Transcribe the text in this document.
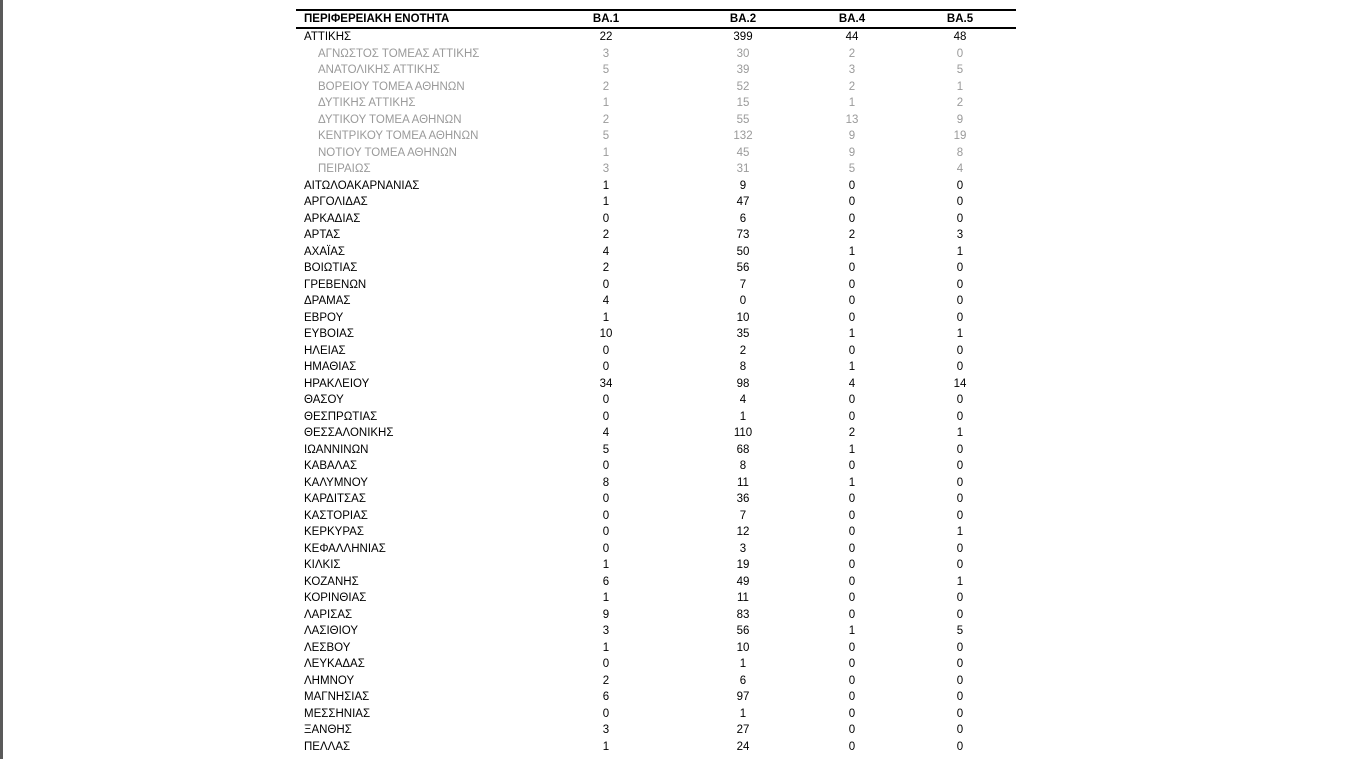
ΠΕΡΙΦΕΡΕΙΑΚΗ ΕΝΟΤΗΤΑ	BA.1	BA.2	BA.4	BA.5
ΑΤΤΙΚΗΣ	22	399	44	48
ΑΓΝΩΣΤΟΣ ΤΟΜΕΑΣ ΑΤΤΙΚΗΣ	3	30	2	0
ΑΝΑΤΟΛΙΚΗΣ ΑΤΤΙΚΗΣ	5	39	3	5
ΒΟΡΕΙΟΥ ΤΟΜΕΑ ΑΘΗΝΩΝ	2	52	2	1
ΔΥΤΙΚΗΣ ΑΤΤΙΚΗΣ	1	15	1	2
ΔΥΤΙΚΟΥ ΤΟΜΕΑ ΑΘΗΝΩΝ	2	55	13	9
ΚΕΝΤΡΙΚΟΥ ΤΟΜΕΑ ΑΘΗΝΩΝ	5	132	9	19
ΝΟΤΙΟΥ ΤΟΜΕΑ ΑΘΗΝΩΝ	1	45	9	8
ΠΕΙΡΑΙΩΣ	3	31	5	4
ΑΙΤΩΛΟΑΚΑΡΝΑΝΙΑΣ	1	9	0	0
ΑΡΓΟΛΙΔΑΣ	1	47	0	0
ΑΡΚΑΔΙΑΣ	0	6	0	0
ΑΡΤΑΣ	2	73	2	3
ΑΧΑΪΑΣ	4	50	1	1
ΒΟΙΩΤΙΑΣ	2	56	0	0
ΓΡΕΒΕΝΩΝ	0	7	0	0
ΔΡΑΜΑΣ	4	0	0	0
ΕΒΡΟΥ	1	10	0	0
ΕΥΒΟΙΑΣ	10	35	1	1
ΗΛΕΙΑΣ	0	2	0	0
ΗΜΑΘΙΑΣ	0	8	1	0
ΗΡΑΚΛΕΙΟΥ	34	98	4	14
ΘΑΣΟΥ	0	4	0	0
ΘΕΣΠΡΩΤΙΑΣ	0	1	0	0
ΘΕΣΣΑΛΟΝΙΚΗΣ	4	110	2	1
ΙΩΑΝΝΙΝΩΝ	5	68	1	0
ΚΑΒΑΛΑΣ	0	8	0	0
ΚΑΛΥΜΝΟΥ	8	11	1	0
ΚΑΡΔΙΤΣΑΣ	0	36	0	0
ΚΑΣΤΟΡΙΑΣ	0	7	0	0
ΚΕΡΚΥΡΑΣ	0	12	0	1
ΚΕΦΑΛΛΗΝΙΑΣ	0	3	0	0
ΚΙΛΚΙΣ	1	19	0	0
ΚΟΖΑΝΗΣ	6	49	0	1
ΚΟΡΙΝΘΙΑΣ	1	11	0	0
ΛΑΡΙΣΑΣ	9	83	0	0
ΛΑΣΙΘΙΟΥ	3	56	1	5
ΛΕΣΒΟΥ	1	10	0	0
ΛΕΥΚΑΔΑΣ	0	1	0	0
ΛΗΜΝΟΥ	2	6	0	0
ΜΑΓΝΗΣΙΑΣ	6	97	0	0
ΜΕΣΣΗΝΙΑΣ	0	1	0	0
ΞΑΝΘΗΣ	3	27	0	0
ΠΕΛΛΑΣ	1	24	0	0
